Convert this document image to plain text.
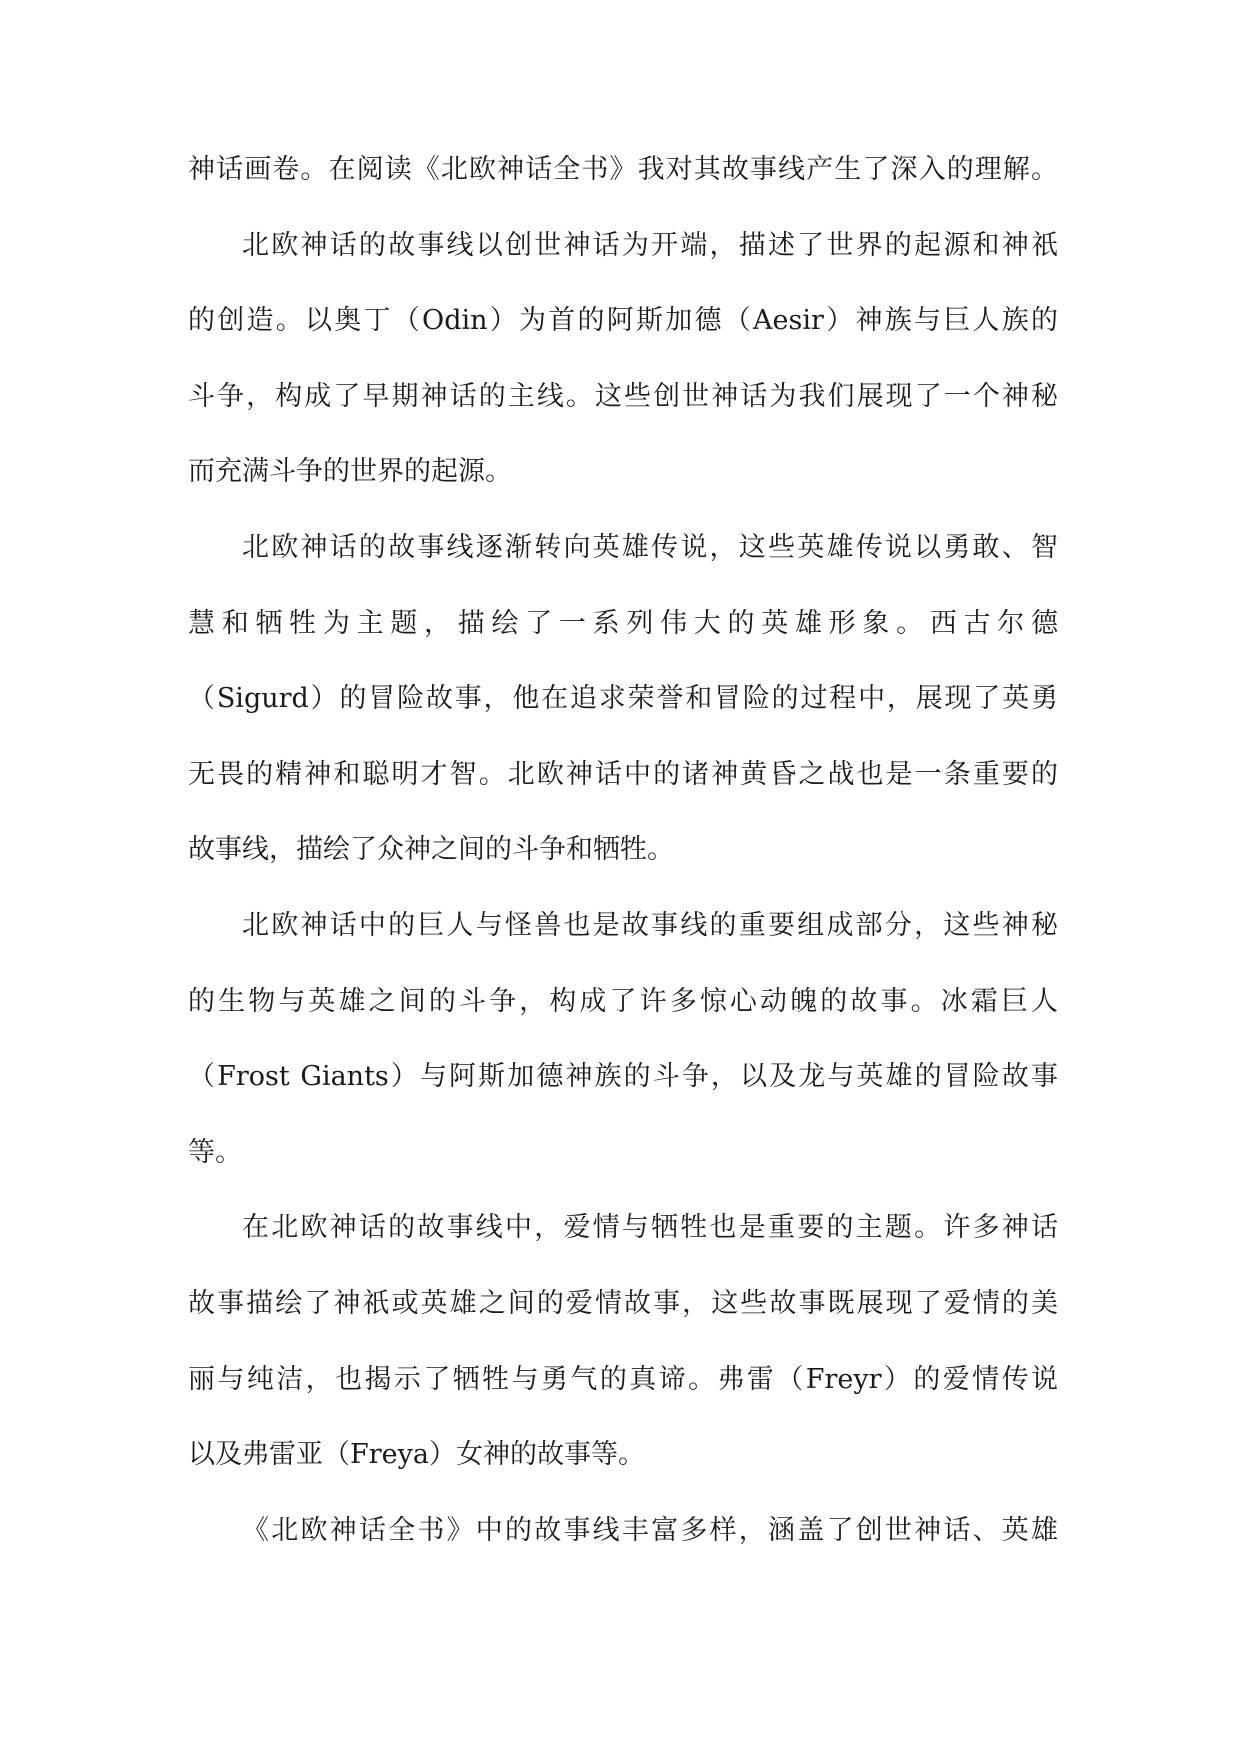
神话画卷。在阅读《北欧神话全书》我对其故事线产生了深入的理解。
北欧神话的故事线以创世神话为开端，描述了世界的起源和神祇
的创造。以奥丁（Odin）为首的阿斯加德（Aesir）神族与巨人族的
斗争，构成了早期神话的主线。这些创世神话为我们展现了一个神秘
而充满斗争的世界的起源。
北欧神话的故事线逐渐转向英雄传说，这些英雄传说以勇敢、智
慧和牺牲为主题，描绘了一系列伟大的英雄形象。西古尔德
（Sigurd）的冒险故事，他在追求荣誉和冒险的过程中，展现了英勇
无畏的精神和聪明才智。北欧神话中的诸神黄昏之战也是一条重要的
故事线，描绘了众神之间的斗争和牺牲。
北欧神话中的巨人与怪兽也是故事线的重要组成部分，这些神秘
的生物与英雄之间的斗争，构成了许多惊心动魄的故事。冰霜巨人
（Frost Giants）与阿斯加德神族的斗争，以及龙与英雄的冒险故事
等。
在北欧神话的故事线中，爱情与牺牲也是重要的主题。许多神话
故事描绘了神祇或英雄之间的爱情故事，这些故事既展现了爱情的美
丽与纯洁，也揭示了牺牲与勇气的真谛。弗雷（Freyr）的爱情传说
以及弗雷亚（Freya）女神的故事等。
《北欧神话全书》中的故事线丰富多样，涵盖了创世神话、英雄
